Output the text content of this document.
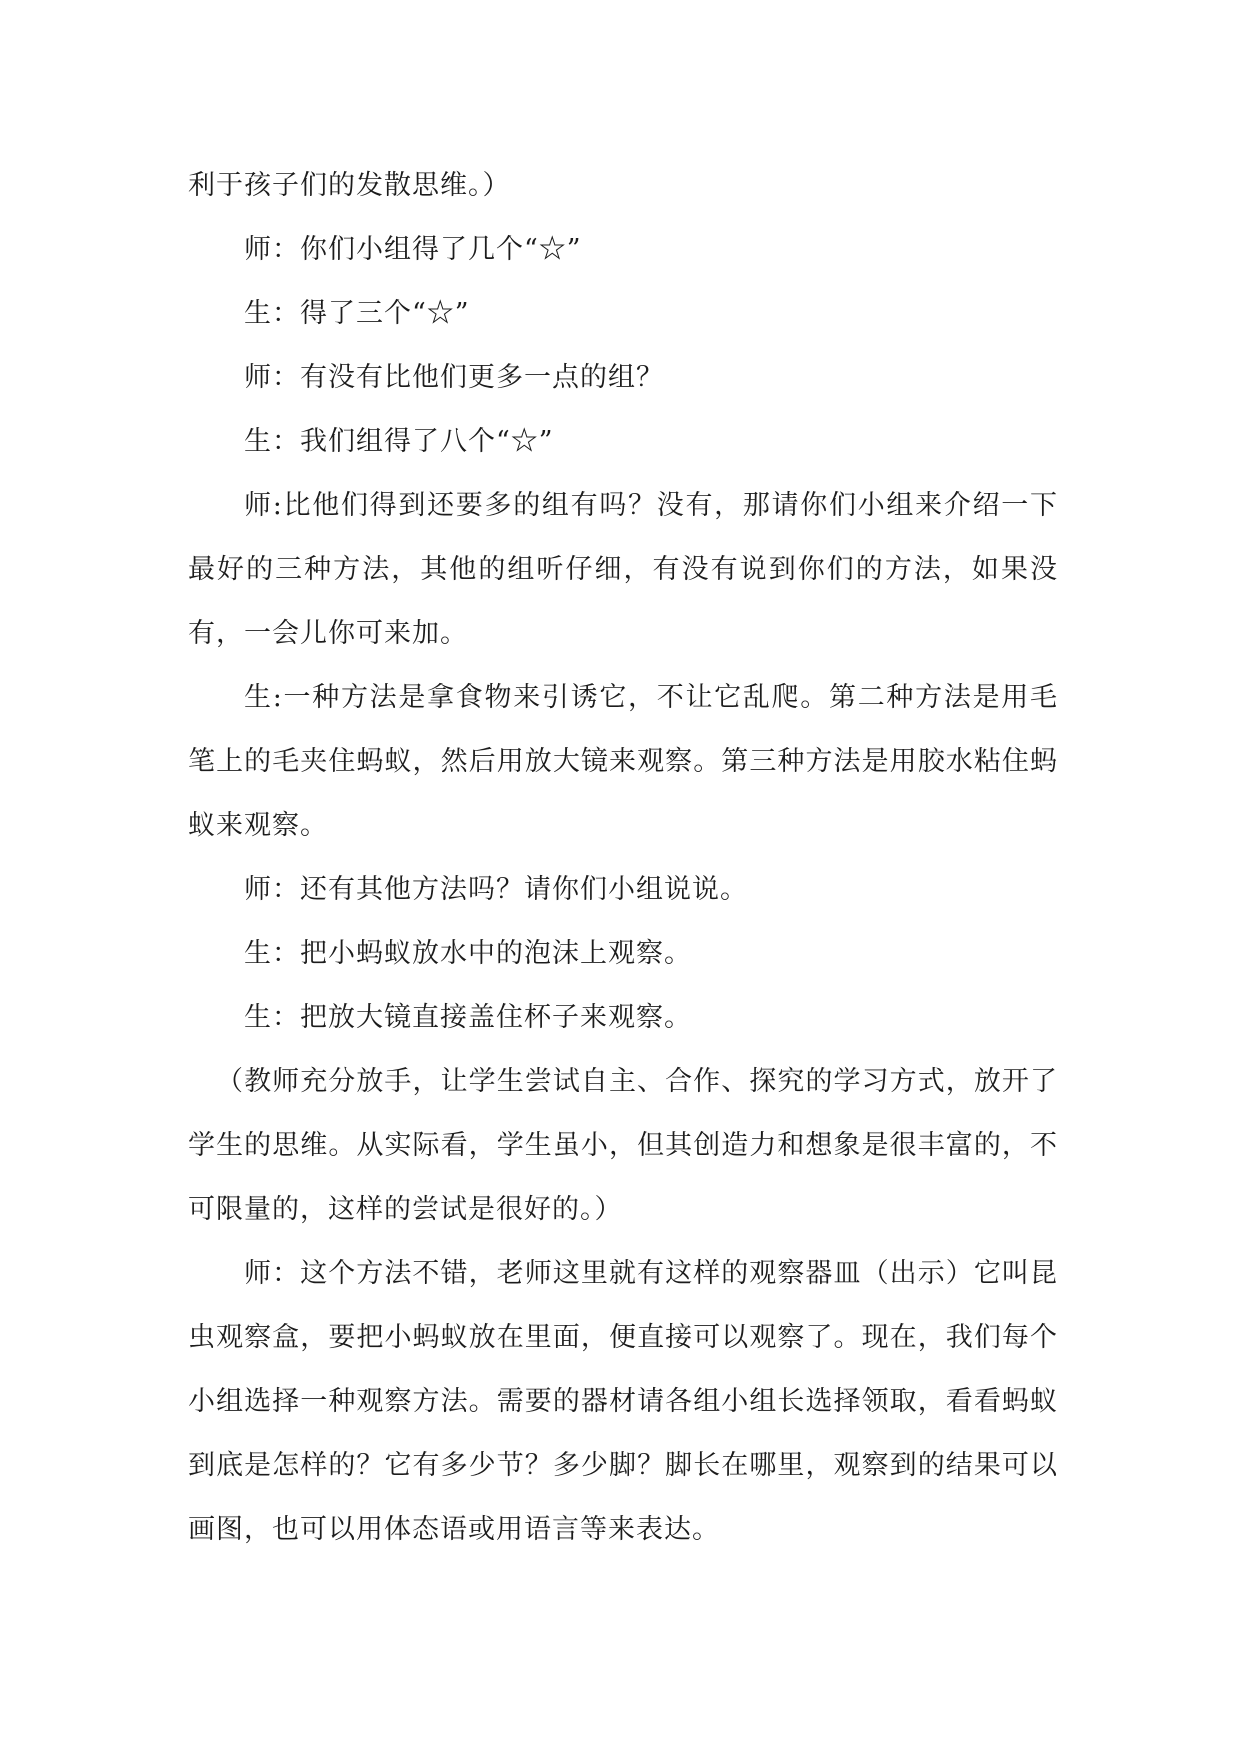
利于孩子们的发散思维。）

师：你们小组得了几个“☆”

生：得了三个“☆”

师：有没有比他们更多一点的组？

生：我们组得了八个“☆”

师:比他们得到还要多的组有吗？没有，那请你们小组来介绍一下最好的三种方法，其他的组听仔细，有没有说到你们的方法，如果没有，一会儿你可来加。

生:一种方法是拿食物来引诱它，不让它乱爬。第二种方法是用毛笔上的毛夹住蚂蚁，然后用放大镜来观察。第三种方法是用胶水粘住蚂蚁来观察。

师：还有其他方法吗？请你们小组说说。

生：把小蚂蚁放水中的泡沫上观察。

生：把放大镜直接盖住杯子来观察。

（教师充分放手，让学生尝试自主、合作、探究的学习方式，放开了学生的思维。从实际看，学生虽小，但其创造力和想象是很丰富的，不可限量的，这样的尝试是很好的。）

师：这个方法不错，老师这里就有这样的观察器皿（出示）它叫昆虫观察盒，要把小蚂蚁放在里面，便直接可以观察了。现在，我们每个小组选择一种观察方法。需要的器材请各组小组长选择领取，看看蚂蚁到底是怎样的？它有多少节？多少脚？脚长在哪里，观察到的结果可以画图，也可以用体态语或用语言等来表达。
